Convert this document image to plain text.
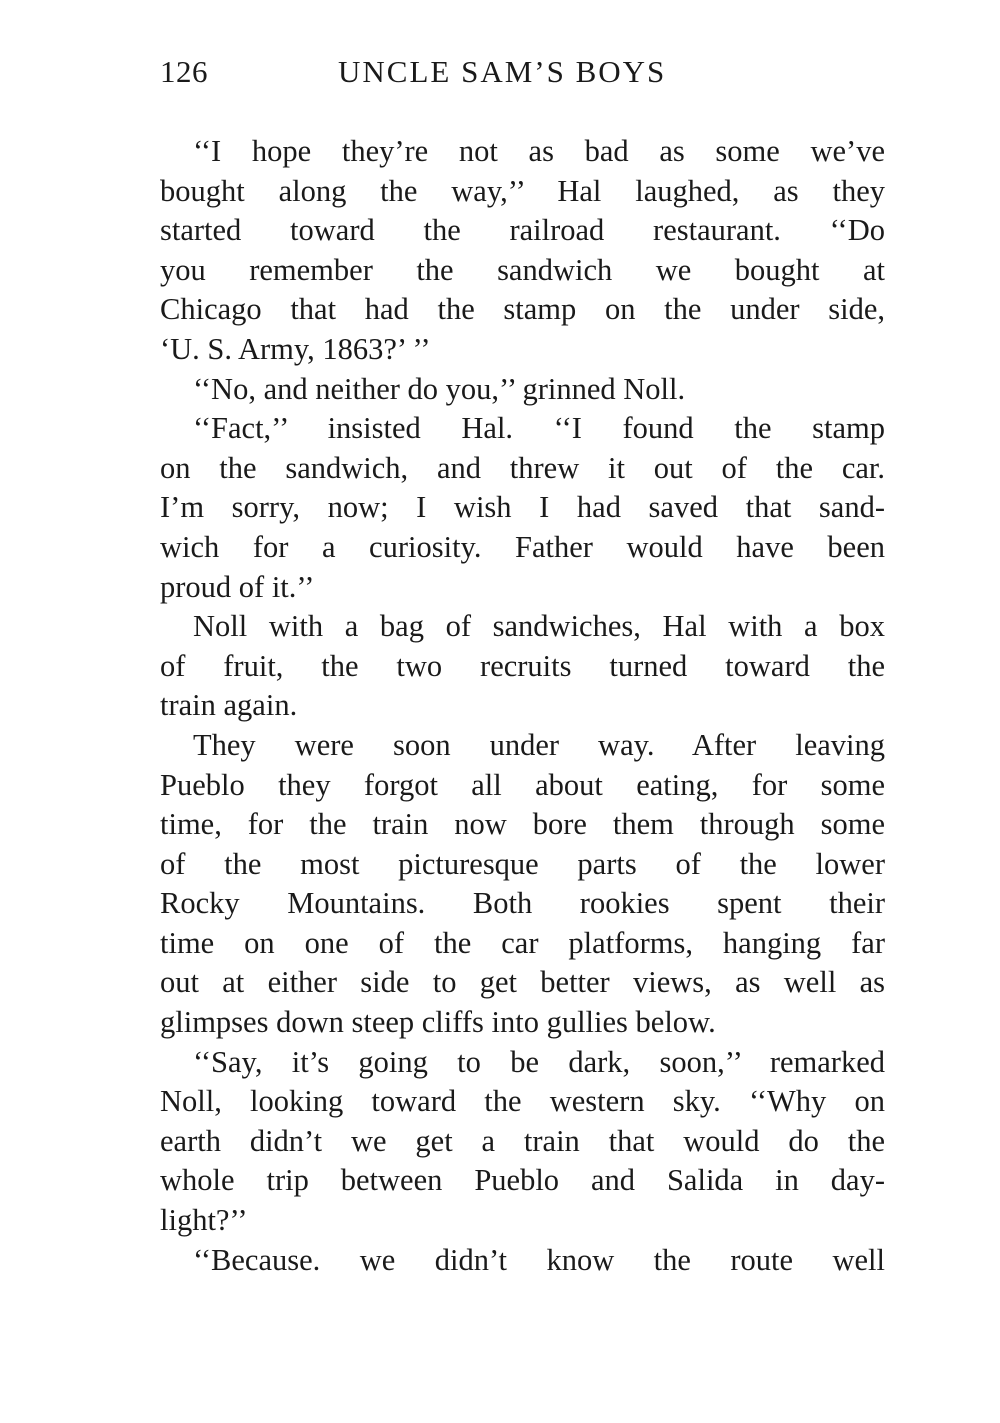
126	UNCLE SAM’S BOYS
‘‘I hope they’re not as bad as some we’ve
bought along the way,’’ Hal laughed, as they
started toward the railroad restaurant. ‘‘Do
you remember the sandwich we bought at
Chicago that had the stamp on the under side,
‘U. S. Army, 1863?’ ’’
‘‘No, and neither do you,’’ grinned Noll.
‘‘Fact,’’ insisted Hal. ‘‘I found the stamp
on the sandwich, and threw it out of the car.
I’m sorry, now; I wish I had saved that sand-
wich for a curiosity. Father would have been
proud of it.’’
Noll with a bag of sandwiches, Hal with a box
of fruit, the two recruits turned toward the
train again.
They were soon under way. After leaving
Pueblo they forgot all about eating, for some
time, for the train now bore them through some
of the most picturesque parts of the lower
Rocky Mountains. Both rookies spent their
time on one of the car platforms, hanging far
out at either side to get better views, as well as
glimpses down steep cliffs into gullies below.
‘‘Say, it’s going to be dark, soon,’’ remarked
Noll, looking toward the western sky. ‘‘Why on
earth didn’t we get a train that would do the
whole trip between Pueblo and Salida in day-
light?’’
‘‘Because. we didn’t know the route well
